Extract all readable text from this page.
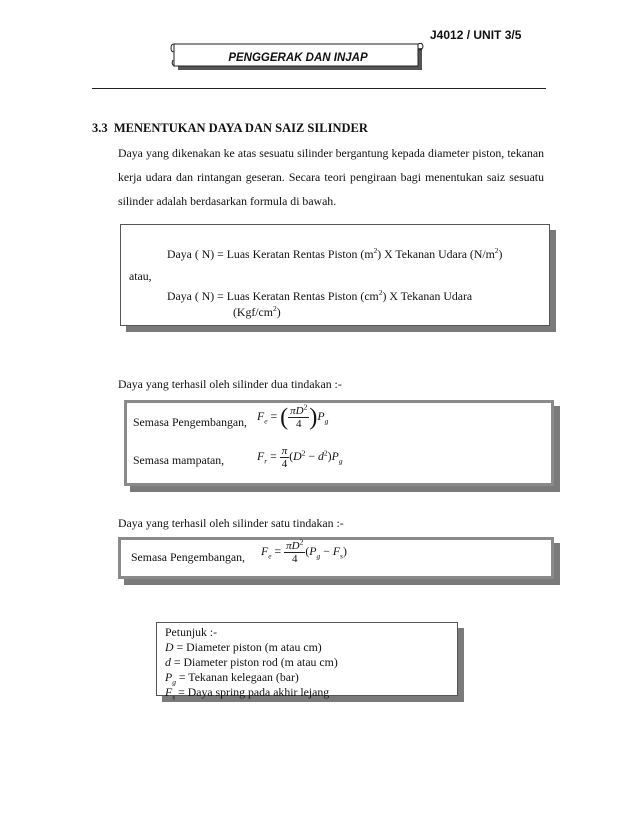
J4012 / UNIT 3/5
PENGGERAK DAN INJAP
3.3 MENENTUKAN DAYA DAN SAIZ SILINDER
Daya yang dikenakan ke atas sesuatu silinder bergantung kepada diameter piston, tekanan kerja udara dan rintangan geseran. Secara teori pengiraan bagi menentukan saiz sesuatu silinder adalah berdasarkan formula di bawah.
Daya ( N) = Luas Keratan Rentas Piston $(m^2)$ X Tekanan Udara $(N/m^2)$
atau,
Daya ( N) = Luas Keratan Rentas Piston $(cm^2)$ X Tekanan Udara
$(Kgf/cm^2)$
Daya yang terhasil oleh silinder dua tindakan :-
Semasa Pengembangan, $F_e$ = ( $\frac{\pi D^2}{4} )P_g$
Semasa mampatan,	$F_r = \frac{\pi}{4} (D^2 - d^2)P_g$
Daya yang terhasil oleh silinder satu tindakan :-
Semasa Pengembangan, $F_e = \frac{\pi D^2}{4} (P_g - F_s)$
Petunjuk :-
D = Diameter piston (m atau cm)
d = Diameter piston rod (m atau cm)
$P_g$ = Tekanan kelegaan (bar)
$F_s$ = Daya spring pada akhir lejang
